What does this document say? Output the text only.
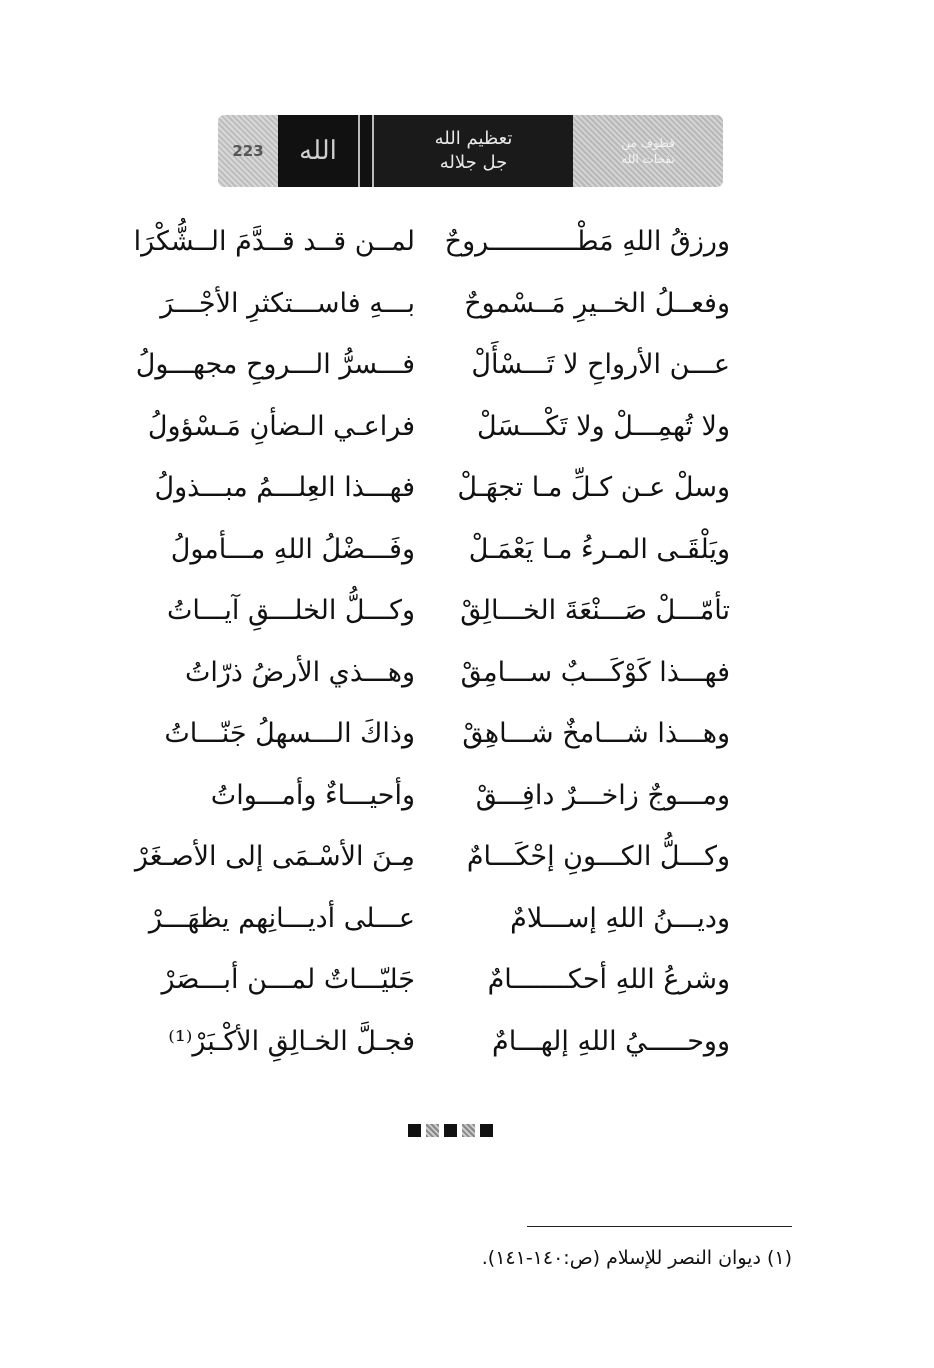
223 الله	تعظيم الله
جل جلاله
قطوف من
نفحات الله
ورزقُ اللهِ مَطْـــــــــــروحٌ
لمــن قــد قــدَّمَ الــشُّكْرَا
وفعــلُ الخــيرِ مَــسْموحٌ
بـــهِ فاســـتكثرِ الأجْـــرَ
عـــن الأرواحِ لا تَـــسْأَلْ
فـــسرُّ الـــروحِ مجهـــولُ
ولا تُهمِـــلْ ولا تَكْـــسَلْ
فراعـي الـضأنِ مَـسْؤولُ
وسلْ عـن كـلِّ مـا تجهَـلْ
فهـــذا العِلـــمُ مبـــذولُ
ويَلْقَـى المـرءُ مـا يَعْمَـلْ
وفَـــضْلُ اللهِ مـــأمولُ
تأمّـــلْ صَـــنْعَةَ الخـــالِقْ
وكـــلُّ الخلـــقِ آيـــاتُ
فهـــذا كَوْكَـــبٌ ســـامِقْ
وهـــذي الأرضُ ذرّاتُ
وهـــذا شـــامخٌ شـــاهِقْ
وذاكَ الـــسهلُ جَنّـــاتُ
ومـــوجٌ زاخـــرٌ دافِـــقْ
وأحيـــاءٌ وأمـــواتُ
وكـــلُّ الكـــونِ إحْكَـــامٌ
مِـنَ الأسْـمَى إلى الأصـغَرْ
وديـــنُ اللهِ إســـلامٌ
عـــلى أديـــانِهم يظهَـــرْ
وشرعُ اللهِ أحكـــــــامٌ
جَليّـــاتٌ لمـــن أبـــصَرْ
ووحـــــيُ اللهِ إلهـــامٌ
فجـلَّ الخـالِقِ الأكْـبَرْ⁽¹⁾
(١) ديوان النصر للإسلام (ص:١٤٠-١٤١).
